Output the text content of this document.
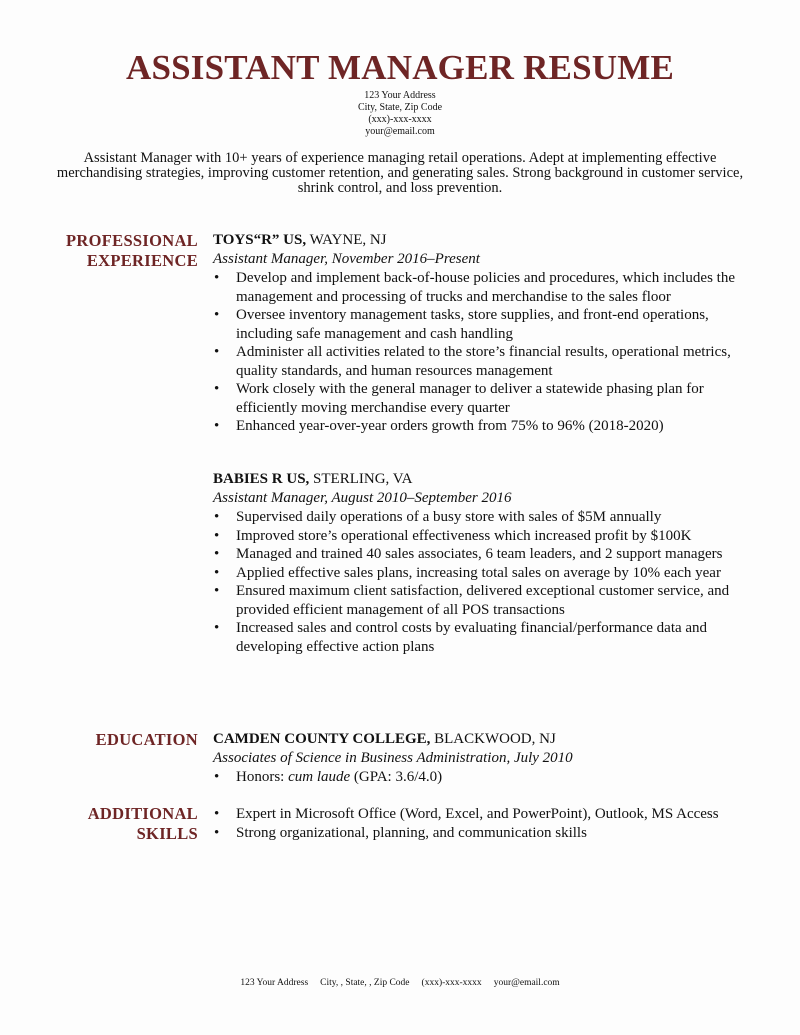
ASSISTANT MANAGER RESUME
123 Your Address
City, State, Zip Code
(xxx)-xxx-xxxx
your@email.com
Assistant Manager with 10+ years of experience managing retail operations. Adept at implementing effective merchandising strategies, improving customer retention, and generating sales. Strong background in customer service, shrink control, and loss prevention.
PROFESSIONAL
EXPERIENCE
TOYS“R” US, WAYNE, NJ
Assistant Manager, November 2016–Present
• Develop and implement back-of-house policies and procedures, which includes the management and processing of trucks and merchandise to the sales floor
• Oversee inventory management tasks, store supplies, and front-end operations, including safe management and cash handling
• Administer all activities related to the store’s financial results, operational metrics, quality standards, and human resources management
• Work closely with the general manager to deliver a statewide phasing plan for efficiently moving merchandise every quarter
• Enhanced year-over-year orders growth from 75% to 96% (2018-2020)
BABIES R US, STERLING, VA
Assistant Manager, August 2010–September 2016
• Supervised daily operations of a busy store with sales of $5M annually
• Improved store’s operational effectiveness which increased profit by $100K
• Managed and trained 40 sales associates, 6 team leaders, and 2 support managers
• Applied effective sales plans, increasing total sales on average by 10% each year
• Ensured maximum client satisfaction, delivered exceptional customer service, and provided efficient management of all POS transactions
• Increased sales and control costs by evaluating financial/performance data and developing effective action plans
EDUCATION CAMDEN COUNTY COLLEGE, BLACKWOOD, NJ
Associates of Science in Business Administration, July 2010
• Honors: cum laude (GPA: 3.6/4.0)
ADDITIONAL
SKILLS
• Expert in Microsoft Office (Word, Excel, and PowerPoint), Outlook, MS Access
• Strong organizational, planning, and communication skills
123 Your Address City, , State, , Zip Code (xxx)-xxx-xxxx your@email.com
